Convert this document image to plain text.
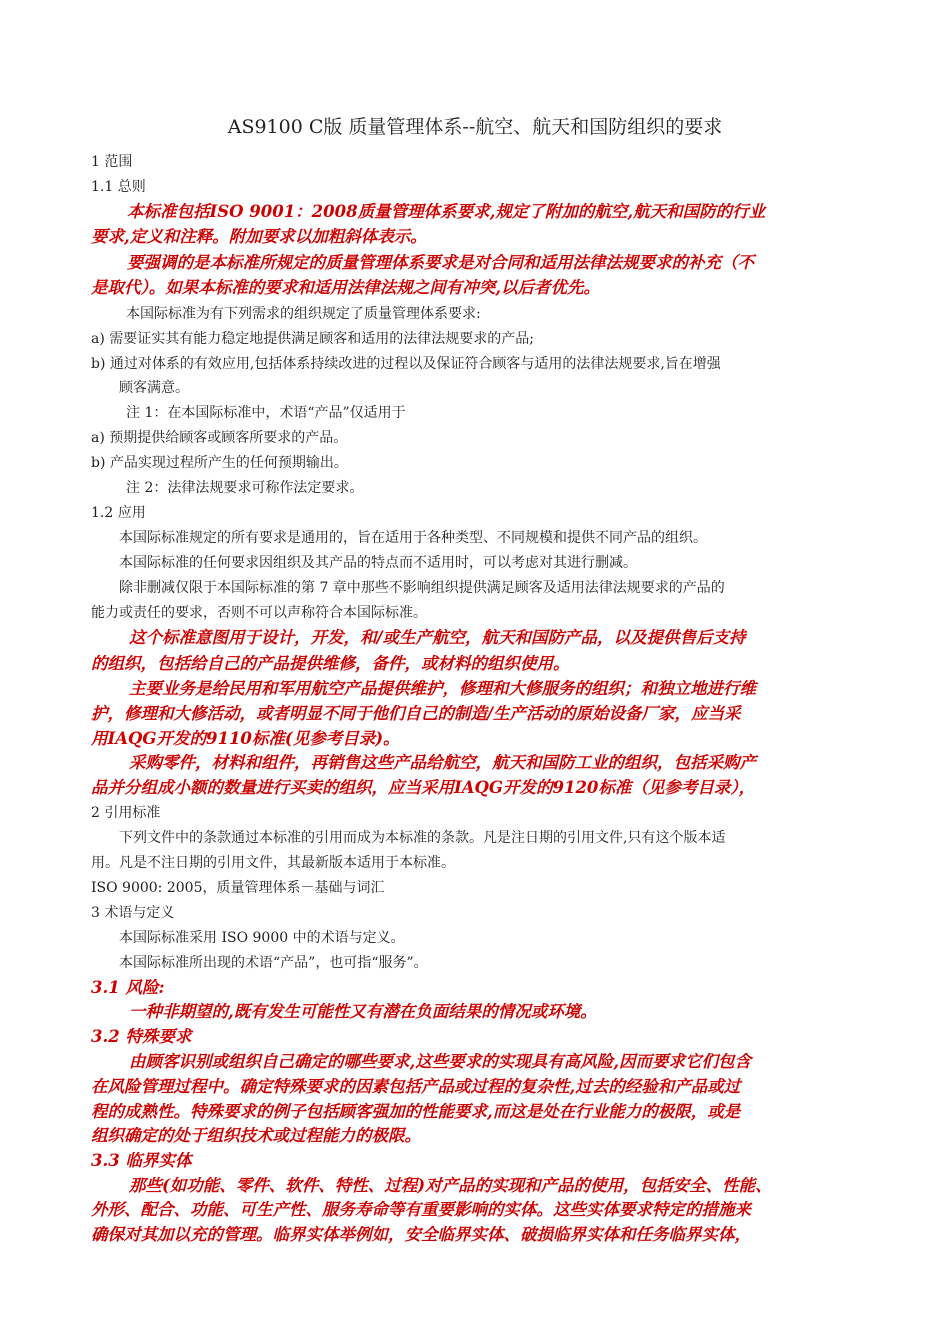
AS9100 C版 质量管理体系--航空、航天和国防组织的要求
1 范围
1.1 总则
本标准包括ISO 9001：2008质量管理体系要求,规定了附加的航空,航天和国防的行业
要求,定义和注释。附加要求以加粗斜体表示。
要强调的是本标准所规定的质量管理体系要求是对合同和适用法律法规要求的补充（不
是取代）。如果本标准的要求和适用法律法规之间有冲突,以后者优先。
本国际标准为有下列需求的组织规定了质量管理体系要求:
a) 需要证实其有能力稳定地提供满足顾客和适用的法律法规要求的产品;
b) 通过对体系的有效应用,包括体系持续改进的过程以及保证符合顾客与适用的法律法规要求,旨在增强
顾客满意。
注 1：在本国际标准中，术语“产品”仅适用于
a) 预期提供给顾客或顾客所要求的产品。
b) 产品实现过程所产生的任何预期输出。
注 2：法律法规要求可称作法定要求。
1.2 应用
本国际标准规定的所有要求是通用的，旨在适用于各种类型、不同规模和提供不同产品的组织。
本国际标准的任何要求因组织及其产品的特点而不适用时，可以考虑对其进行删减。
除非删减仅限于本国际标准的第 7 章中那些不影响组织提供满足顾客及适用法律法规要求的产品的
能力或责任的要求，否则不可以声称符合本国际标准。
这个标准意图用于设计，开发，和/或生产航空，航天和国防产品，以及提供售后支持
的组织，包括给自己的产品提供维修，备件，或材料的组织使用。
主要业务是给民用和军用航空产品提供维护，修理和大修服务的组织；和独立地进行维
护，修理和大修活动，或者明显不同于他们自己的制造/生产活动的原始设备厂家，应当采
用IAQG开发的9110标准(见参考目录)。
采购零件，材料和组件，再销售这些产品给航空，航天和国防工业的组织，包括采购产
品并分组成小额的数量进行买卖的组织，应当采用IAQG开发的9120标准（见参考目录），
2 引用标准
下列文件中的条款通过本标准的引用而成为本标准的条款。凡是注日期的引用文件,只有这个版本适
用。凡是不注日期的引用文件，其最新版本适用于本标准。
ISO 9000: 2005，质量管理体系－基础与词汇
3 术语与定义
本国际标准采用 ISO 9000 中的术语与定义。
本国际标准所出现的术语“产品”，也可指“服务”。
3.1 风险:
一种非期望的,既有发生可能性又有潜在负面结果的情况或环境。
3.2 特殊要求
由顾客识别或组织自己确定的哪些要求,这些要求的实现具有高风险,因而要求它们包含
在风险管理过程中。确定特殊要求的因素包括产品或过程的复杂性,过去的经验和产品或过
程的成熟性。特殊要求的例子包括顾客强加的性能要求,而这是处在行业能力的极限，或是
组织确定的处于组织技术或过程能力的极限。
3.3 临界实体
那些(如功能、零件、软件、特性、过程)对产品的实现和产品的使用，包括安全、性能、
外形、配合、功能、可生产性、服务寿命等有重要影响的实体。这些实体要求特定的措施来
确保对其加以充的管理。临界实体举例如，安全临界实体、破损临界实体和任务临界实体，
